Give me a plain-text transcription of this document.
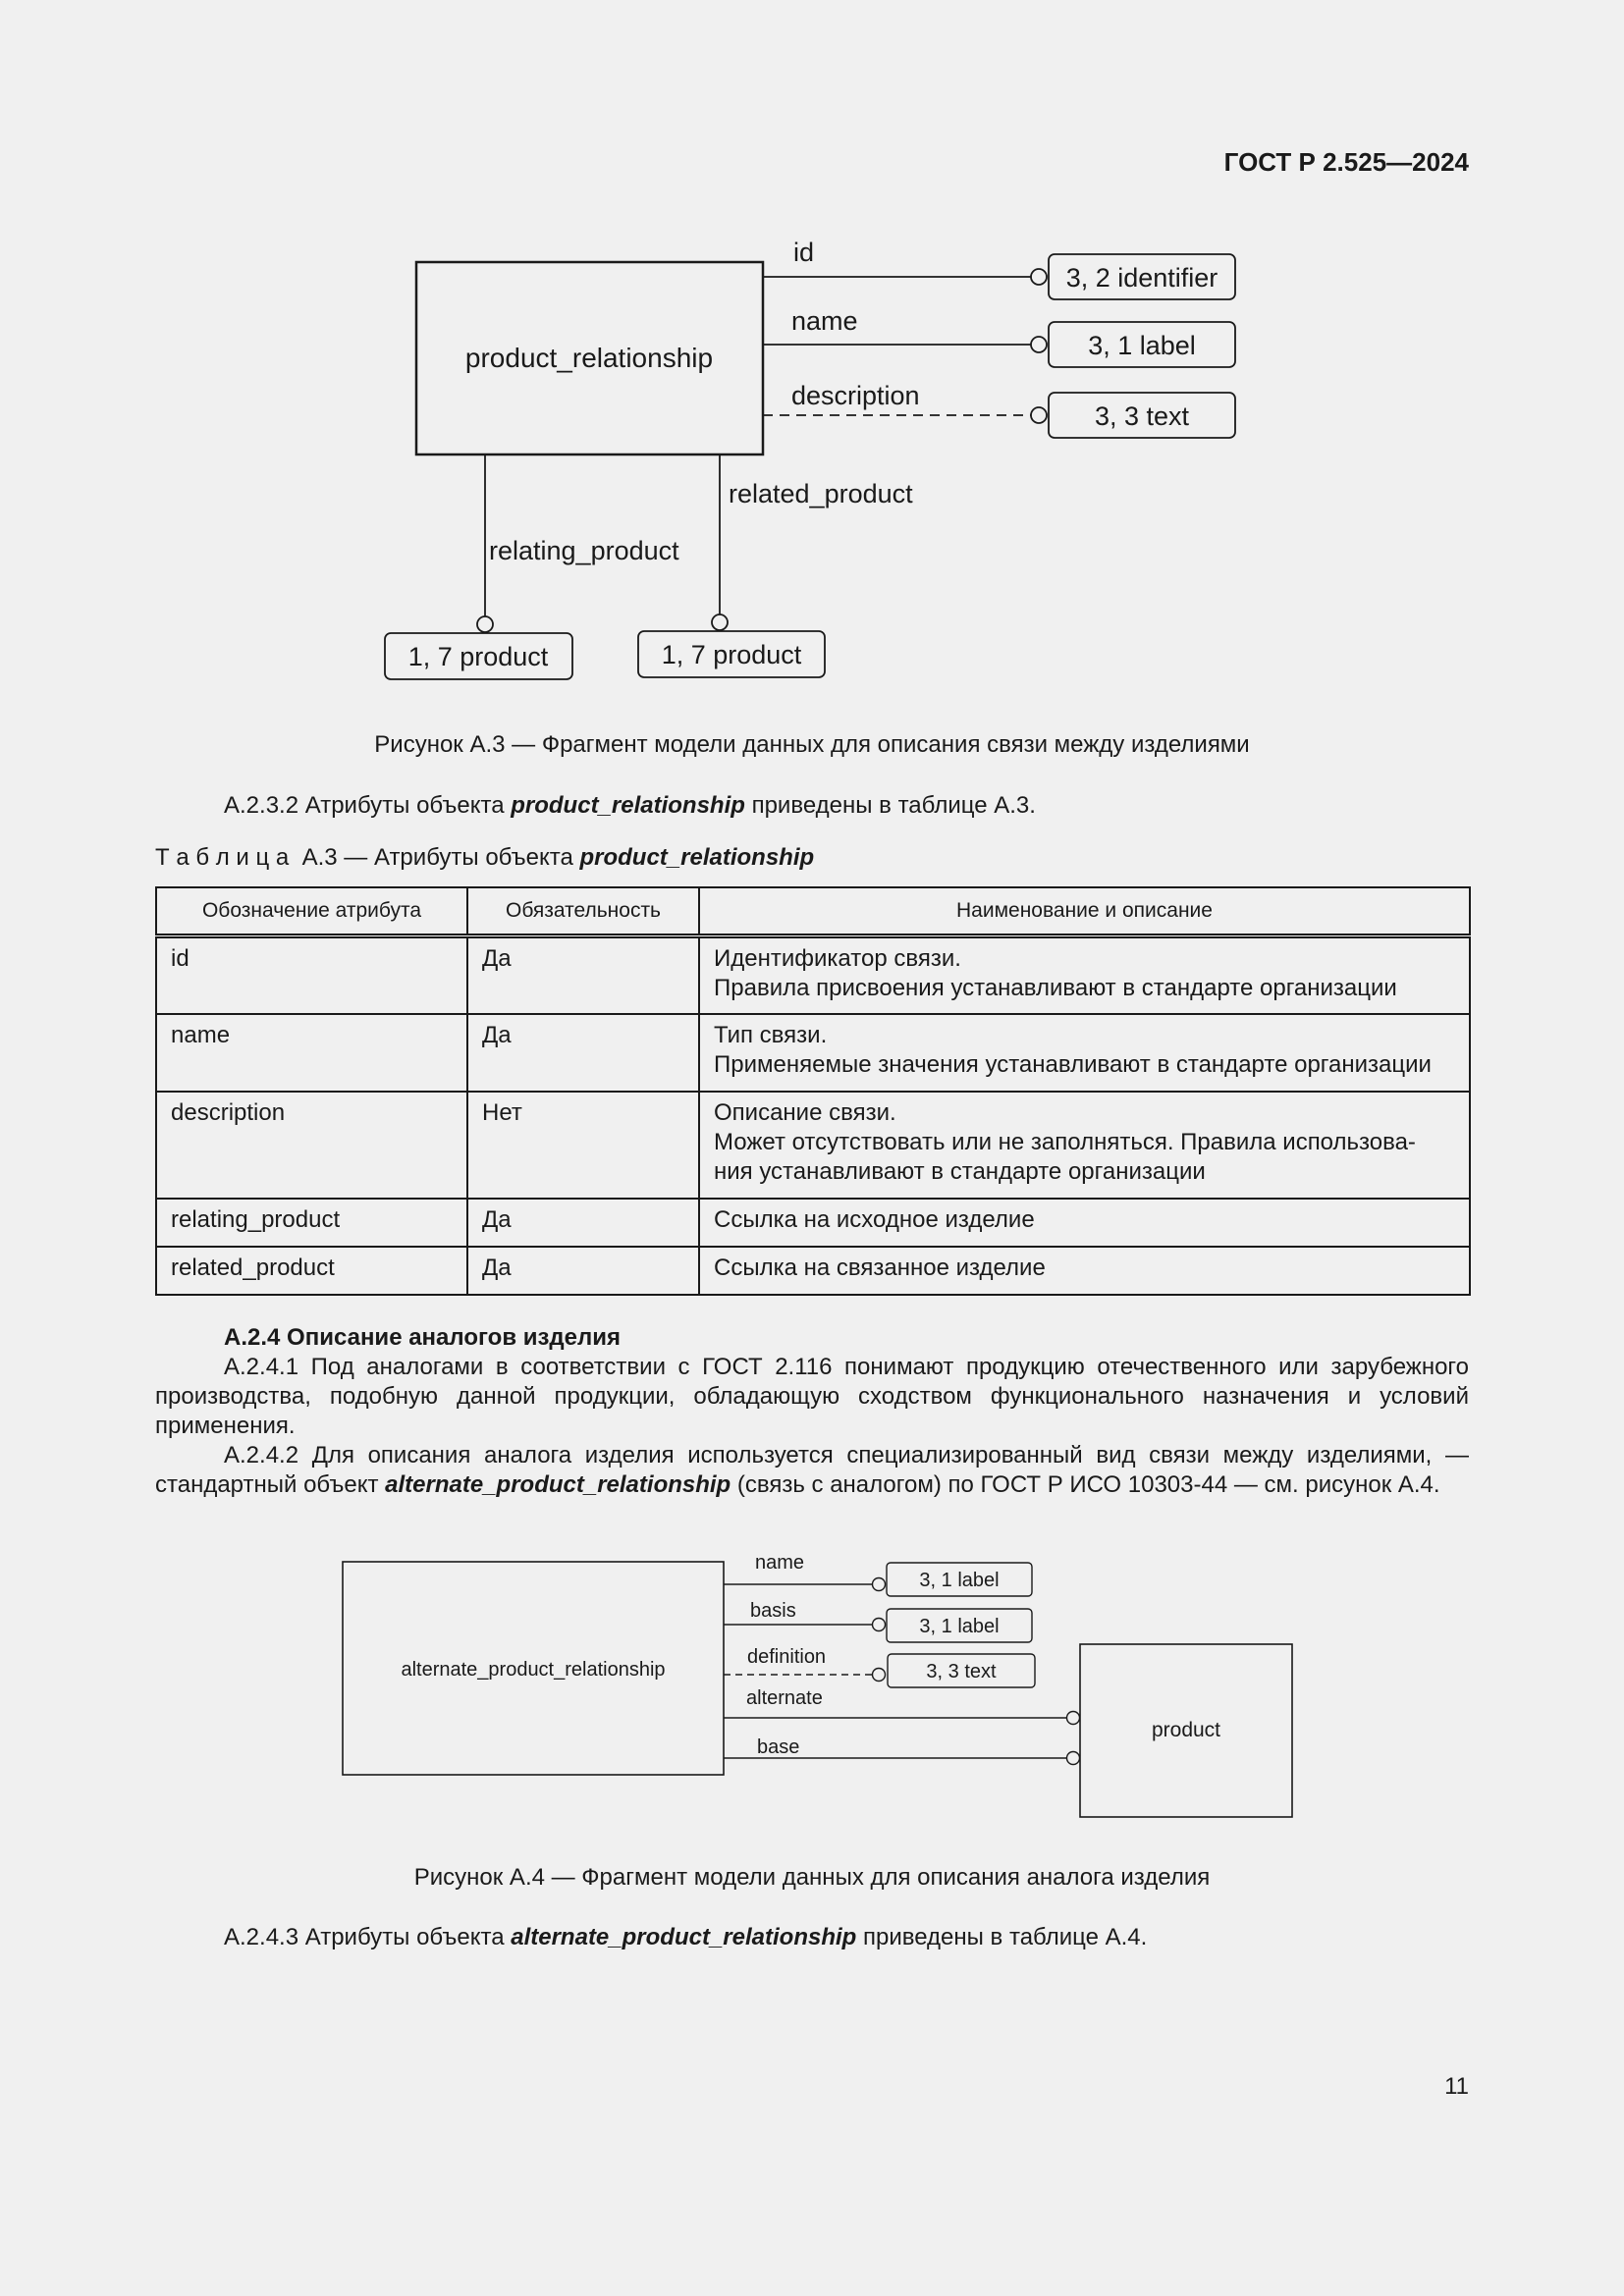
ГОСТ Р 2.525—2024
product_relationship
id
3, 2 identifier
name
3, 1 label
description
3, 3 text
relating_product
1, 7 product
related_product
1, 7 product
Рисунок А.3 — Фрагмент модели данных для описания связи между изделиями
А.2.3.2 Атрибуты объекта product_relationship приведены в таблице А.3.
Т а б л и ц а  А.3 — Атрибуты объекта product_relationship
Обозначение атрибута	Обязательность	Наименование и описание
id	Да	Идентификатор связи.
Правила присвоения устанавливают в стандарте организации

name	Да	Тип связи.
Применяемые значения устанавливают в стандарте организации

description	Нет	Описание связи.
Может отсутствовать или не заполняться. Правила использова-
ния устанавливают в стандарте организации

relating_product	Да	Ссылка на исходное изделие

related_product	Да	Ссылка на связанное изделие
А.2.4 Описание аналогов изделия
А.2.4.1 Под аналогами в соответствии с ГОСТ 2.116 понимают продукцию отечественного или зарубежного производства, подобную данной продукции, обладающую сходством функционального назначения и условий применения.
А.2.4.2 Для описания аналога изделия используется специализированный вид связи между изделиями, — стандартный объект alternate_product_relationship (связь с аналогом) по ГОСТ Р ИСО 10303-44 — см. рисунок А.4.
alternate_product_relationship
product
name
3, 1 label
basis
3, 1 label
definition
3, 3 text
alternate
base
Рисунок А.4 — Фрагмент модели данных для описания аналога изделия
А.2.4.3 Атрибуты объекта alternate_product_relationship приведены в таблице А.4.
11
